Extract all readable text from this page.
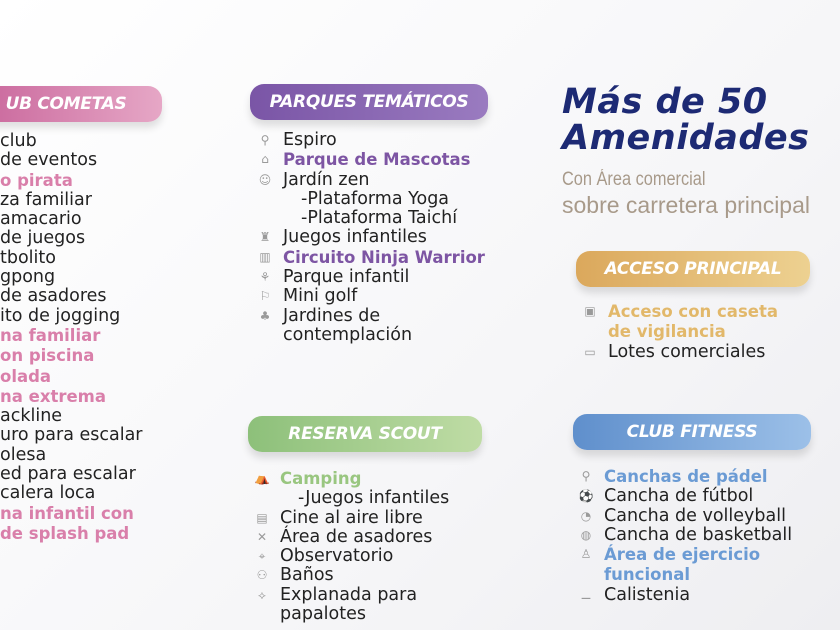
UB COMETAS
club
de eventos
o pirata
za familiar
amacario
de juegos
tbolito
gpong
de asadores
ito de jogging
na familiar
on piscina
olada
na extrema
ackline
uro para escalar
olesa
ed para escalar
calera loca
na infantil con
de splash pad
PARQUES TEMÁTICOS
⚲ Espiro
⌂ Parque de Mascotas
☺ Jardín zen
-Plataforma Yoga
-Plataforma Taichí
♜ Juegos infantiles
▥ Circuito Ninja Warrior
⚘ Parque infantil
⚐ Mini golf
♣ Jardines de
contemplación
Más de 50
Amenidades
Con Área comercial
sobre carretera principal
ACCESO PRINCIPAL
▣ Acceso con caseta
de vigilancia
▭ Lotes comerciales
RESERVA SCOUT
⛺ Camping
-Juegos infantiles
▤ Cine al aire libre
✕ Área de asadores
⌖ Observatorio
⚇ Baños
⟡ Explanada para
papalotes
CLUB FITNESS
⚲ Canchas de pádel
⚽ Cancha de fútbol
◔ Cancha de volleyball
◍ Cancha de basketball
♙ Área de ejercicio
funcional
⚊ Calistenia
